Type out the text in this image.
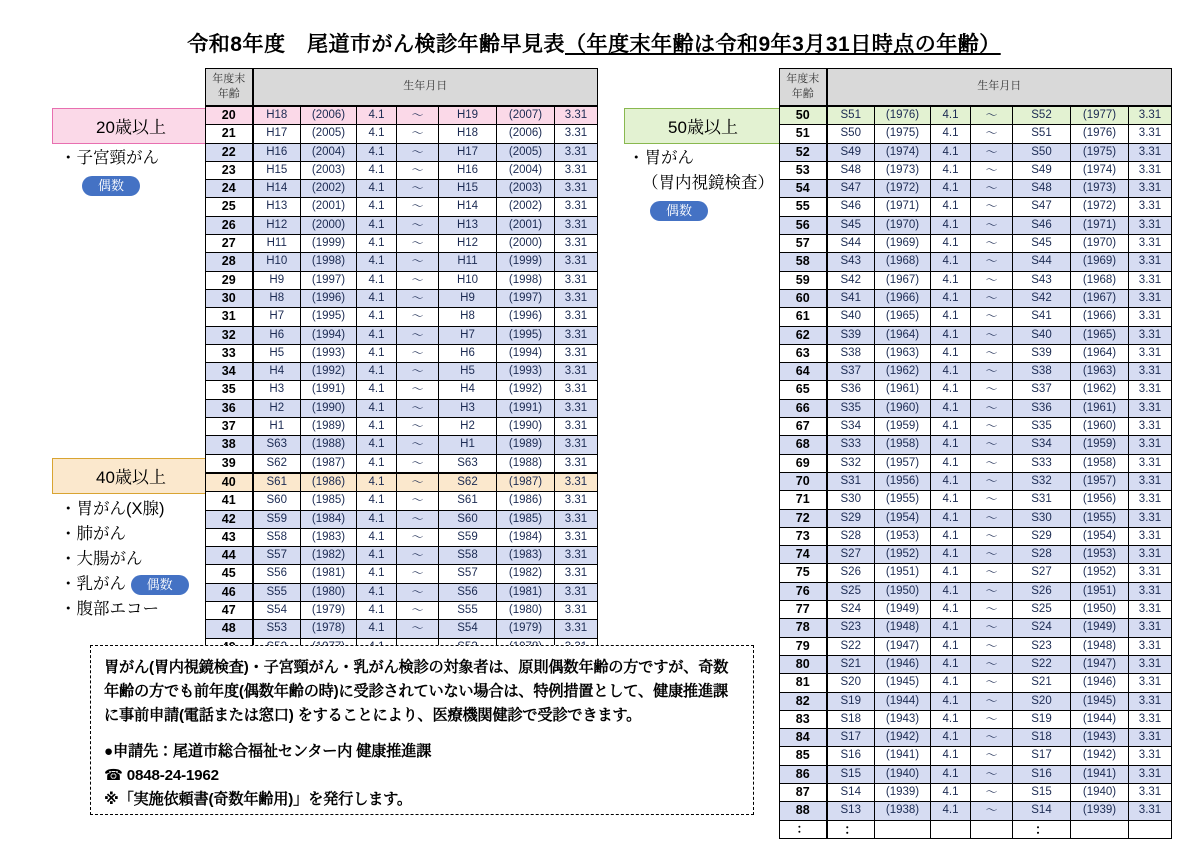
令和8年度　尾道市がん検診年齢早見表（年度末年齢は令和9年3月31日時点の年齢）
20歳以上
・子宮頸がん
偶数
40歳以上
・胃がん(X腺)
・肺がん
・大腸がん
・乳がん 偶数
・腹部エコー
50歳以上
・胃がん
（胃内視鏡検査）
偶数
年度末
年齢	生年月日						
20	H18	(2006)	4.1	～	H19	(2007)	3.31
21	H17	(2005)	4.1	～	H18	(2006)	3.31
22	H16	(2004)	4.1	～	H17	(2005)	3.31
23	H15	(2003)	4.1	～	H16	(2004)	3.31
24	H14	(2002)	4.1	～	H15	(2003)	3.31
25	H13	(2001)	4.1	～	H14	(2002)	3.31
26	H12	(2000)	4.1	～	H13	(2001)	3.31
27	H11	(1999)	4.1	～	H12	(2000)	3.31
28	H10	(1998)	4.1	～	H11	(1999)	3.31
29	H9	(1997)	4.1	～	H10	(1998)	3.31
30	H8	(1996)	4.1	～	H9	(1997)	3.31
31	H7	(1995)	4.1	～	H8	(1996)	3.31
32	H6	(1994)	4.1	～	H7	(1995)	3.31
33	H5	(1993)	4.1	～	H6	(1994)	3.31
34	H4	(1992)	4.1	～	H5	(1993)	3.31
35	H3	(1991)	4.1	～	H4	(1992)	3.31
36	H2	(1990)	4.1	～	H3	(1991)	3.31
37	H1	(1989)	4.1	～	H2	(1990)	3.31
38	S63	(1988)	4.1	～	H1	(1989)	3.31
39	S62	(1987)	4.1	～	S63	(1988)	3.31
40	S61	(1986)	4.1	～	S62	(1987)	3.31
41	S60	(1985)	4.1	～	S61	(1986)	3.31
42	S59	(1984)	4.1	～	S60	(1985)	3.31
43	S58	(1983)	4.1	～	S59	(1984)	3.31
44	S57	(1982)	4.1	～	S58	(1983)	3.31
45	S56	(1981)	4.1	～	S57	(1982)	3.31
46	S55	(1980)	4.1	～	S56	(1981)	3.31
47	S54	(1979)	4.1	～	S55	(1980)	3.31
48	S53	(1978)	4.1	～	S54	(1979)	3.31

年度末
年齢	生年月日						
50	S51	(1976)	4.1	～	S52	(1977)	3.31
51	S50	(1975)	4.1	～	S51	(1976)	3.31
52	S49	(1974)	4.1	～	S50	(1975)	3.31
53	S48	(1973)	4.1	～	S49	(1974)	3.31
54	S47	(1972)	4.1	～	S48	(1973)	3.31
55	S46	(1971)	4.1	～	S47	(1972)	3.31
56	S45	(1970)	4.1	～	S46	(1971)	3.31
57	S44	(1969)	4.1	～	S45	(1970)	3.31
58	S43	(1968)	4.1	～	S44	(1969)	3.31
59	S42	(1967)	4.1	～	S43	(1968)	3.31
60	S41	(1966)	4.1	～	S42	(1967)	3.31
61	S40	(1965)	4.1	～	S41	(1966)	3.31
62	S39	(1964)	4.1	～	S40	(1965)	3.31
63	S38	(1963)	4.1	～	S39	(1964)	3.31
64	S37	(1962)	4.1	～	S38	(1963)	3.31
65	S36	(1961)	4.1	～	S37	(1962)	3.31
66	S35	(1960)	4.1	～	S36	(1961)	3.31
67	S34	(1959)	4.1	～	S35	(1960)	3.31
68	S33	(1958)	4.1	～	S34	(1959)	3.31
69	S32	(1957)	4.1	～	S33	(1958)	3.31
70	S31	(1956)	4.1	～	S32	(1957)	3.31
71	S30	(1955)	4.1	～	S31	(1956)	3.31
72	S29	(1954)	4.1	～	S30	(1955)	3.31
73	S28	(1953)	4.1	～	S29	(1954)	3.31
74	S27	(1952)	4.1	～	S28	(1953)	3.31
75	S26	(1951)	4.1	～	S27	(1952)	3.31
76	S25	(1950)	4.1	～	S26	(1951)	3.31
77	S24	(1949)	4.1	～	S25	(1950)	3.31
78	S23	(1948)	4.1	～	S24	(1949)	3.31
79	S22	(1947)	4.1	～	S23	(1948)	3.31
80	S21	(1946)	4.1	～	S22	(1947)	3.31
81	S20	(1945)	4.1	～	S21	(1946)	3.31
82	S19	(1944)	4.1	～	S20	(1945)	3.31
83	S18	(1943)	4.1	～	S19	(1944)	3.31
84	S17	(1942)	4.1	～	S18	(1943)	3.31
85	S16	(1941)	4.1	～	S17	(1942)	3.31
86	S15	(1940)	4.1	～	S16	(1941)	3.31
87	S14	(1939)	4.1	～	S15	(1940)	3.31
88	S13	(1938)	4.1	～	S14	(1939)	3.31
：	：				：		

胃がん(胃内視鏡検査)・子宮頸がん・乳がん検診の対象者は、原則偶数年齢の方ですが、奇数年齢の方でも前年度(偶数年齢の時)に受診されていない場合は、特例措置として、健康推進課に事前申請(電話または窓口) をすることにより、医療機関健診で受診できます。

●申請先：尾道市総合福祉センター内 健康推進課

☎ 0848-24-1962

※「実施依頼書(奇数年齢用)」を発行します。
